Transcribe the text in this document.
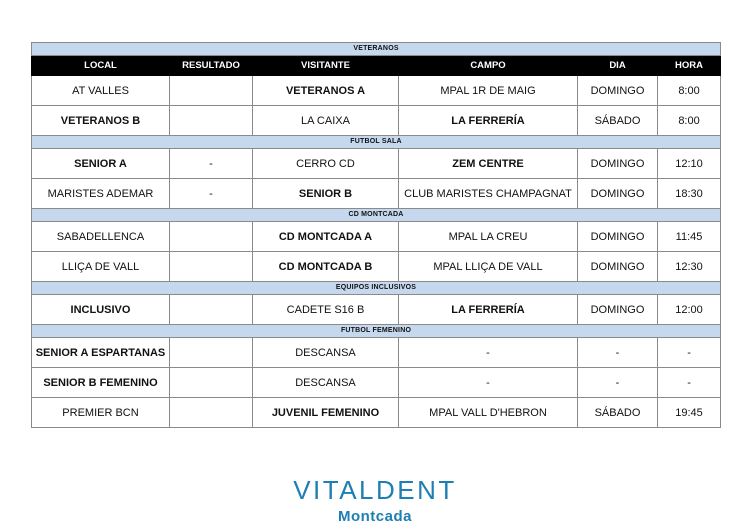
VETERANOS					
LOCAL	RESULTADO	VISITANTE	CAMPO	DIA	HORA
AT VALLES		VETERANOS A	MPAL 1R DE MAIG	DOMINGO	8:00
VETERANOS B		LA CAIXA	LA FERRERÍA	SÁBADO	8:00
FUTBOL SALA					
SENIOR A	-	CERRO CD	ZEM CENTRE	DOMINGO	12:10
MARISTES ADEMAR	-	SENIOR B	CLUB MARISTES CHAMPAGNAT	DOMINGO	18:30
CD MONTCADA					
SABADELLENCA		CD MONTCADA A	MPAL LA CREU	DOMINGO	11:45
LLIÇA DE VALL		CD MONTCADA B	MPAL LLIÇA DE VALL	DOMINGO	12:30
EQUIPOS INCLUSIVOS					
INCLUSIVO		CADETE S16 B	LA FERRERÍA	DOMINGO	12:00
FUTBOL FEMENINO					
SENIOR A ESPARTANAS		DESCANSA	-	-	-
SENIOR B FEMENINO		DESCANSA	-	-	-
PREMIER BCN		JUVENIL FEMENINO	MPAL VALL D'HEBRON	SÁBADO	19:45
VITALDENT
Montcada
